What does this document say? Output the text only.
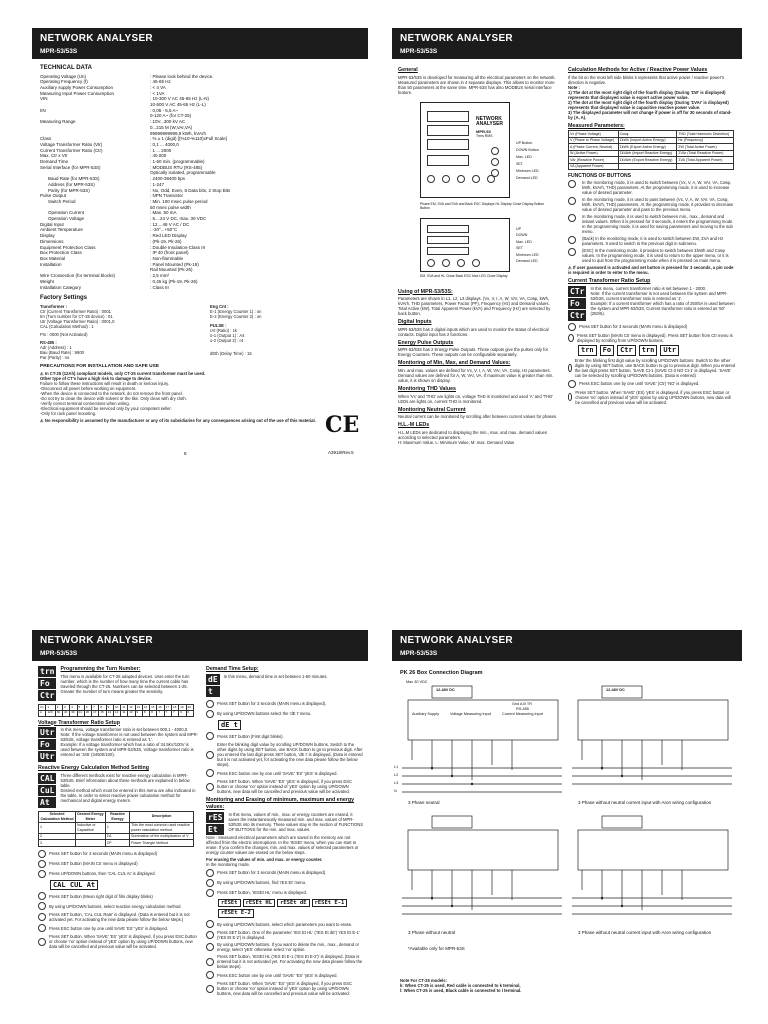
NETWORK ANALYSER
MPR-53/53S
TECHNICAL DATA
Operating Voltage (Un)	: Please look behind the device.
Operating Frequency (f)	: 45-65 Hz
Auxiliary supply Power Consumption	: < 4 VA
Measuring Input Power Consumption	: < 1VA
VIN	: 10-300 V AC 45-65 Hz (L-N)
10-500 V AC 45-65 Hz (L-L)
IIN	: 0,05 - 5,5 A~
0-120 A~ (for CT-25)
Measuring Range	: 10V...300 kV AC
0...215 M (W,VAr,VA)
99999999999,9 kWh, kVArh
Class	: % ± 1 (digit) [(%10-%110)xFull Scale]
Voltage Transformer Ratio (Vtr)	: 0,1 ... 4000,0
Current Transformer Ratio (Ctr)	: 1 ... 2000
Max. Ctr x Vtr	: 40.000
Demand Time	: 1-60 min. (programmable)
Serial Interface (for MPR-53S)	: MODBUS RTU (RS-485)
Optically isolated, programmable
Baud Rate (for MPR-53S)	: 2400-38400 bps
Address (for MPR-53S)	: 1-247
Parity (for MPR-53S)	: No, Odd, Even, 8 Data bits, 2 Stop Bits
Pulse Output	: NPN Transistor
Switch Period	: Min. 100 msec pulse period
50 msec pulse width
Operation Current	: Max. 50 mA
Operation Voltage	: 5....24 V DC, max. 30 VDC
Digital Input	: 12....48 V AC / DC
Ambient Temperature	: -20°...+50°C
Display	: Red LED Display
Dimensions	: (Pk-19, Pk-26)
Equipment Protection Class	: Double Insulation-Class III
Box Protection Class	: IP 40 (front panel)
Box Material	: Non-flammable
Installation	: Panel Mounted (Pk-19)
Rail Mounted (Pk-26)
Wire Crossection (for terminal blocks)	: 2,5 mm²
Weight	: 0,45 kg (Pk-19, Pk-26)
Installation Category	: Class III
Factory Settings
Transformer :
Ctr (Current Transformer Ratio) : 0001
trn (Turn number for CT-25 device) : 01
Utr (Voltage Transformer Ratio) : 0001,0
CAL (Calculation Method) : 1
Pin : 0000 (Not Activated)
RS-485 :
Adr (Address) : 1
Bau (Baud Rate) : 9600
Par (Parity) : no
Eng Cnt :
E-1 (Energy Counter 1) : on
E-2 (Energy Counter 2) : on
PULSE :
rAt (Ratio) : 1k
o-1 (Output 1) : A4
o-2 (Output 2) : r4
dEth (Delay Time) : 15
PRECAUTIONS FOR INSTALLATION AND SAFE USE
⚠ In CT-25 (12Ah) compliant models, only CT-25 current transformer must be used.
Other type of CT's have a high risk to damage to device.
Failure to follow these instructions will result in death or serious injury.
-Disconnect all power before working on equipment.
-When the device is connected to the network, do not remove the front panel.
-Do not try to clean the device with solvent or the like. Only clean with dry cloth.
-Verify correct terminal connections when wiring.
-Electrical equipment should be serviced only by your competent seller.
-Only for rack panel mounting.
⚠ No responsibility is assumed by the manufacturer or any of its subsidiaries for any consequences arising out of the use of this material. CE
A3918/Rev.5
8
NETWORK ANALYSER
MPR-53/53S
General
MPR-53/53S is developed for measuring all the electrical parameters on the network. Measured parameters are shown in 4 separate displays. This allows to monitor more than 50 parameters at the same time. MPR-53S has also MODBUS serial interface feature.
NETWORK ANALYSER
MPR-53
Trms RMS
UP Button
DOWN Button
Max. LED
SET
Minimum LED
Demand LED
Phase EM, SVA and SVA and Back ESC Displays HL Display Close Display Button Button
UP
DOWN
Max. LED
SET
Minimum LED
Demand LED
EM, SVA and HL Close Back ESC Max LED Close Display
Using of MPR-53/53S:
Parameters are shown in L1, L2, L3 displays. (Vx, V, I, A, W, VAr, VA, Cosφ, kWh, kVArh, THD parameters, Power Factor (PF), Frequency (Hz) and Demand values. Total Active (kW), Total Apparent Power (kVA) and Frequency (Hz) are selected by back button.
Digital Inputs
MPR-53/53S has 2 digital inputs which are used to monitor the status of electrical contacts. Digital input has 2 functions.
Energy Pulse Outputs
MPR-53/53S has 2 Energy Pulse Outputs. These outputs give the pulses only for Energy Counters. These outputs can be configurable separately.
Monitoring of Min, Max, and Demand Values:
Min. and max. values are defined for Vx, V, I, A, W, VAr, VA, Cosφ, Hz parameters. Demand values are defined for A, W, VAr, VA. If maximum value is greater than min. value, it is shown on display.
Monitoring THD Values
When 'Vx' and 'THD' are lights on, voltage THD is monitored and used 'A' and 'THD' LEDs are lights on, current THD is monitored.
Monitoring Neutral Current
Neutral current can be monitored by scrolling after between current values for phases.
H.L.-M LEDs
H.L.M LEDs are dedicated to displaying the min., max. and max. demand values according to selected parameters.
H: Maximum Value, L: Minimum Value, M: max. Demand Value
Calculation Methods for Active / Reactive Power Values
If the bit on the most left side blinks it represents that active power / reactive power's direction is negative.
Note :
1) The dot at the most right digit of the fourth display (During 'ΣW' is displayed) represents that displayed value is export active power value.
2) The dot at the most right digit of the fourth display (During 'ΣVAr' is displayed) represents that displayed value is capacitive reactive power value.
3) The displayed parameter will not change if power is off for 30 seconds of stand-by (A, A).
Measured Parameters:
Vx (Phase Voltage)	Cosφ	THD (Total Harmonic Distortion)
V (Phase to Phase Voltage)	ΣkWh (Import Active Energy)	Hz (Frequency)
A (Phase Current, Neutral)	ΣkWh (Export Active Energy)	ΣW (Total Active Power)
W (Active Power)	ΣkVArh (Import Reactive Energy)	ΣVAr (Total Reactive Power)
VAr (Reactive Power)	ΣkVArh (Export Reactive Energy)	ΣVA (Total Apparent Power)
VA (Apparent Power)		
FUNCTIONS OF BUTTONS
In the monitoring mode, it is used to switch between (Vx, V, A, W, VAr, VA, Cosφ, kWh, kVArh, THD) parameters. At the programming mode, it is used to increase value of desired parameter.
In the monitoring mode, it is used to pass between (Vx, V, A, W, VAr, VA, Cosφ, kWh, kVArh, THD) parameters. At the programming mode, it provides to decrease value of desired parameter and pass to the previous menu.
In the monitoring mode, it is used to switch between min., max., demand and instant values. When it is pressed for 3 seconds, it enters the programming mode. In the programming mode, it is used for saving parameters and moving to the sub menu.
(Back) In the monitoring mode, it is used to switch between ΣW, ΣVA and Hz parameters. It used to switch to the previous digit in submenu.
(ESC) In the monitoring mode, it provides to switch between ΣkWh and Cosφ values. In the programming mode, it is used to return to the upper menu, or it is used to quit from the programming mode when it is pressed on main menu.
⚠ If user password is activated and set button is pressed for 3 seconds, a pin code is required in order to enter to the menu.
Current Transformer Ratio Setup
CTr
Fo
Ctr
In this menu, current transformer ratio is set between 1 - 2000.
Note: If the current transformer is not used between the system and MPR-53/53S, current transformer ratio is entered as '1'.
Example: If a current transformer which has a ratio of 250/5A is used between the system and MPR-53/53S, Current transformer ratio is entered as '50' (250/5).
Press SET button for 3 seconds (MAIN menu is displayed)
Press SET button (MAIN Ctr menu is displayed). Press SET button from Ctr menu is displayed by scrolling from UP/DOWN buttons.
trn	Fo	Ctr	trn	Utr
Enter the blinking first digit value by scrolling UP/DOWN buttons. Switch to the other digits by using SET button, use BACK button to go to previous digit. When you entered the last digit press SET button, 'SAVE Ct-1 (SAVE Ct-3 NO Ct-1' is displayed. 'SAVE' can be selected by scrolling UP/DOWN buttons. (Data is entered)
Press ESC button one by one until 'SAVE' (Ctr) 'NO' is displayed.
Press SET button. When 'SAVE' (ES) 'yES' is displayed, if you press ESC button or choose 'no' option instead of 'yES' option by using UP/DOWN buttons, new data will be cancelled and previous value will be activated.
NETWORK ANALYSER
MPR-53/53S
trn
Fo
Ctr
Programming the Turn Number:
This menu is available for CT-25 adapted devices. User enter the turn number, which is the number of how many time the current cable has traveled through the CT-25. Numbers can be selected between 1-25. Greater the number of turn means greater the sensivity.
trn	1	2	3	4	5	6	7	8	9	10	11	12	13	14	15	16	17	18	19	20
A	120	60	40	30	24	20	17	15	13	12	11	10	9	8	8	7	7	7	6	6
Voltage Transformer Ratio Setup
Utr
Fo
Utr
In this menu, voltage transformer ratio is set between 000,1 - 4000,0.
Note: If the voltage transformer is not used between the system and MPR-53/53S, voltage transformer ratio is entered as '1'.
Example: If a voltage transformer which has a ratio of 34,5kV/100V is used between the system and MPR-53/53S, Voltage transformer ratio is entered as '345' (34500/100).
Reactive Energy Calculation Method Setting
CAL
CuL
At
Three different methods exist for reactive energy calculation in MPR-53/53S. Brief information about these methods are explained in below table.
Desired method which must be entered in this menu are also indicated in the table. In order to select reactive power calculation method for mechanical and digital energy meters.
Selected Calculation Method	Desired Energy Meter	Reactive Energy	Description
1	Inductive or Capacitive	1	This the most common used reactive power calculation method.
2		ΣA	Summation of the multiplication of V
3		ΣP	Power Triangle Method
Press SET button for 3 seconds (MAIN menu is displayed)
Press SET button (MAIN Ctr menu is displayed)
Press UP/DOWN buttons, then 'CAL CUL At' is displayed.
CAL CUL At
Press SET button (Mean right digit of film display blinks)
By using UP/DOWN buttons, select reactive energy calculation method.
Press SET button, 'CAL CUL Rate' is displayed. (Data is entered but it is not activated yet. For activating the new data please follow the below steps.)
Press ESC button one by one until SAVE 'ES' 'yES' is displayed.
Press SET button. When 'SAVE' 'ES' 'yES' is displayed, if you press ESC button or choose 'no' option instead of 'yES' option by using UP/DOWN buttons, new data will be cancelled and previous value will be activated.
Demand Time Setup:
dE
t
In this menu, demand time is set between 1-60 minutes.
Press SET button for 3 seconds (MAIN menu is displayed).
By using UP/DOWN buttons select the 'dE t' menu.
dE t
Press SET button (First digit blinks).
Enter the blinking digit value by scrolling UP/DOWN buttons. Switch to the other digits by using SET button, use BACK button to go to previous digit. After you entered the last digit press SET button, 'dE t' is displayed. (Data is entered but it is not activated yet, for activating the new data please follow the below steps).
Press ESC button one by one until 'SAVE' 'ES' 'yES' is displayed.
Press SET button. When 'SAVE' 'ES' 'yES' is displayed, if you press ESC button or choose 'no' option instead of 'yES' option by using UP/DOWN buttons, new data will be cancelled and previous value will be activated.
Monitoring and Erasing of minimum, maximum and energy values:
rES
Et
In this menu, values of min., max. or energy counters are erased, it saves the instantaneously measured min. and max. values of MPR-53/53S into its memory. These values stay in the section of FUNCTIONS OF BUTTONS for the min. and max. values.
Note : Measured electrical parameters which are saved in the memory are not affected from the electric interruptions. In the 'rESEt' menu, when you can start to erase. If you confirm the changes, min. and max. values of selected parameters or energy counter values are erased on the below steps.
For erasing the values of min. and max. or energy counter.
In the monitoring mode.
Press SET button for 3 seconds (MAIN menu is displayed).
By using UP/DOWN buttons, find 'rES Et' menu.
Press SET button, 'rESEt HL' menu is displayed.
rESEt	rESEt HL	rESEt dE	rESEt E-1
rESEt E-2
By using UP/DOWN buttons, select which parameters you want to erase.
Press SET button. One of the parameter 'rES Et HL' ('rES Et dE') 'rES Et E-1' ('rES Et E-2') is displayed.
By using UP/DOWN buttons. If you want to delete the min., max., demand or energy, select 'yES' otherwise select 'no' option.
Press SET button, 'rESEt HL ('rES Et E-1 ('rES Et E-2')' is displayed. (Data is entered but it is not activated yet. For activating the new data please follow the below steps).
Press ESC button one by one until 'SAVE' 'ES' 'yES' is displayed.
Press SET button. When 'SAVE' 'ES' 'yES' is displayed, if you press ESC button or choose 'no' option instead of 'yES' option by using UP/DOWN buttons, new data will be cancelled and previous value will be activated.
NETWORK ANALYSER
MPR-53/53S
PK 26 Box Connection Diagram
Max 30 VDC
12-48V DC
Auxiliary Supply	Voltage Measuring Input	Current Measuring Input
Gnd A B TR
RS-485
12-48V DC
L1
L2
L3
N
3 Phase neutral	3 Phase without neutral current input with Aron wiring configuration
3 Phase without neutral	3 Phase without neutral current input with Aron wiring configuration
*Available only for MPR-53S
Note For CT-25 models:
k: When CT-25 is used, Red cable is connected to k terminal,
l: When CT-25 is used, Black cable is connected to l terminal.
